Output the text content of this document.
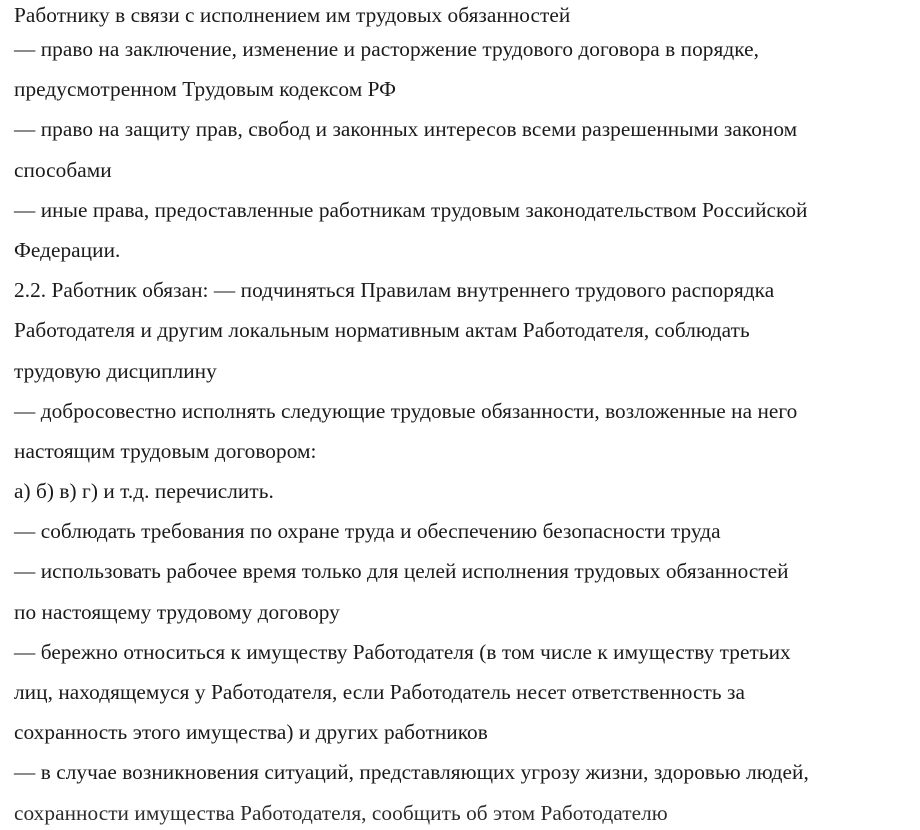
Работнику в связи с исполнением им трудовых обязанностей
— право на заключение, изменение и расторжение трудового договора в порядке,
предусмотренном Трудовым кодексом РФ
— право на защиту прав, свобод и законных интересов всеми разрешенными законом
способами
— иные права, предоставленные работникам трудовым законодательством Российской
Федерации.
2.2. Работник обязан: — подчиняться Правилам внутреннего трудового распорядка
Работодателя и другим локальным нормативным актам Работодателя, соблюдать
трудовую дисциплину
— добросовестно исполнять следующие трудовые обязанности, возложенные на него
настоящим трудовым договором:
а) б) в) г) и т.д. перечислить.
— соблюдать требования по охране труда и обеспечению безопасности труда
— использовать рабочее время только для целей исполнения трудовых обязанностей
по настоящему трудовому договору
— бережно относиться к имуществу Работодателя (в том числе к имуществу третьих
лиц, находящемуся у Работодателя, если Работодатель несет ответственность за
сохранность этого имущества) и других работников
— в случае возникновения ситуаций, представляющих угрозу жизни, здоровью людей,
сохранности имущества Работодателя, сообщить об этом Работодателю
